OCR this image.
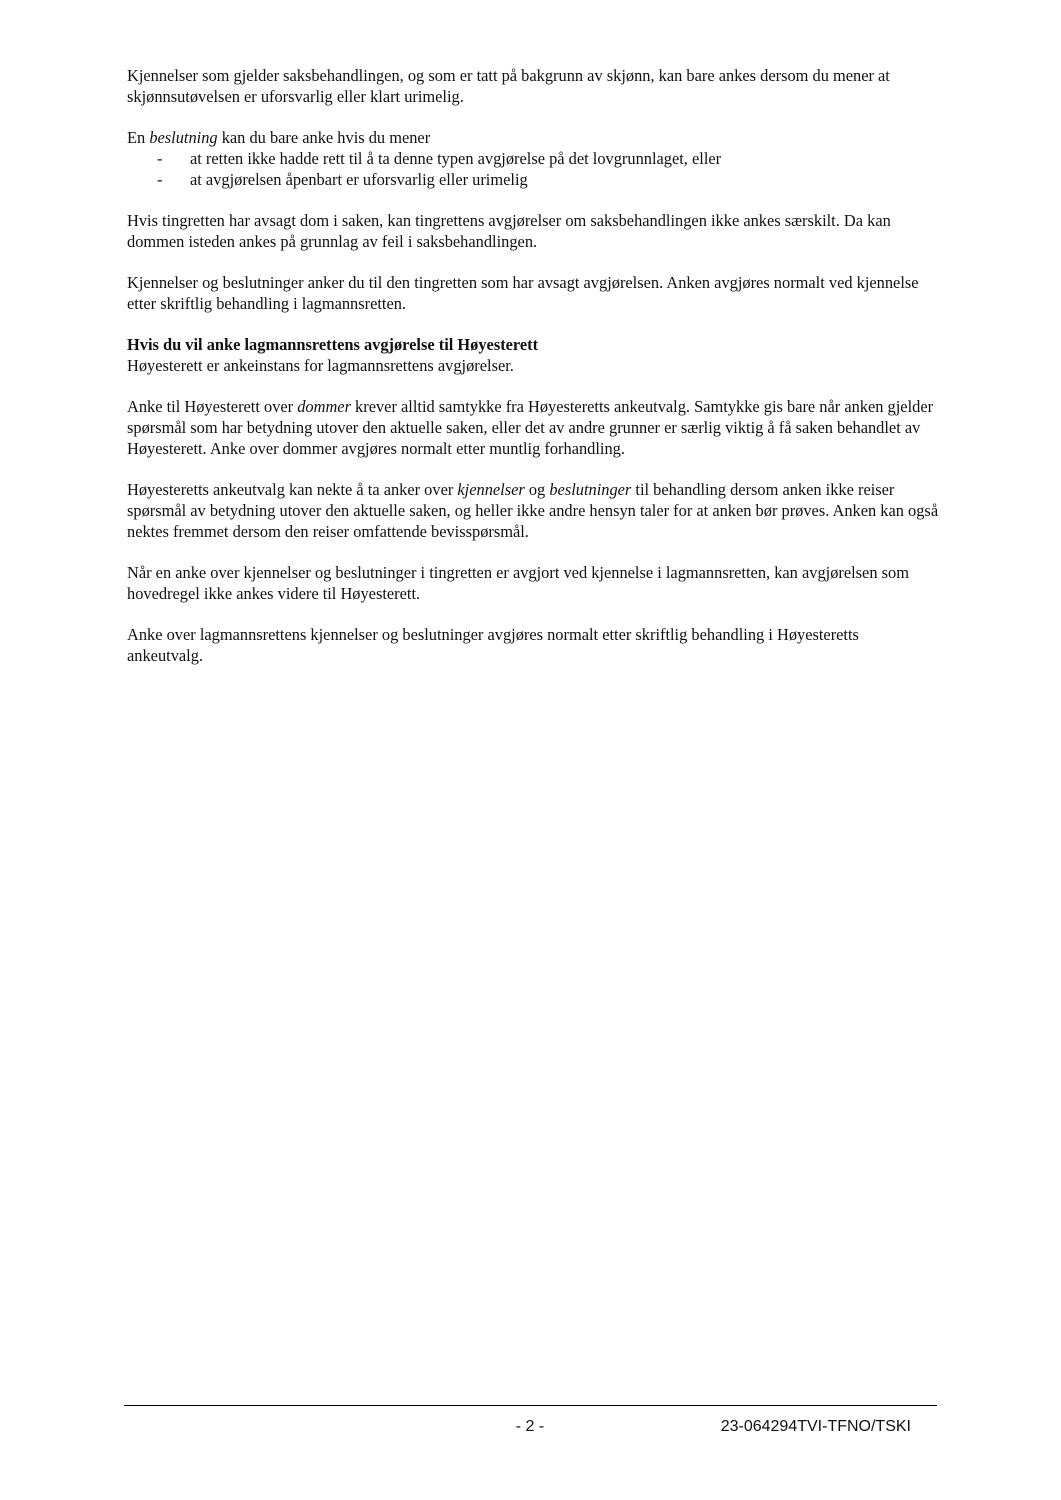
Kjennelser som gjelder saksbehandlingen, og som er tatt på bakgrunn av skjønn, kan bare ankes dersom du mener at skjønnsutøvelsen er uforsvarlig eller klart urimelig.

En beslutning kan du bare anke hvis du mener
- at retten ikke hadde rett til å ta denne typen avgjørelse på det lovgrunnlaget, eller
- at avgjørelsen åpenbart er uforsvarlig eller urimelig

Hvis tingretten har avsagt dom i saken, kan tingrettens avgjørelser om saksbehandlingen ikke ankes særskilt. Da kan dommen isteden ankes på grunnlag av feil i saksbehandlingen.

Kjennelser og beslutninger anker du til den tingretten som har avsagt avgjørelsen. Anken avgjøres normalt ved kjennelse etter skriftlig behandling i lagmannsretten.

Hvis du vil anke lagmannsrettens avgjørelse til Høyesterett
Høyesterett er ankeinstans for lagmannsrettens avgjørelser.

Anke til Høyesterett over dommer krever alltid samtykke fra Høyesteretts ankeutvalg. Samtykke gis bare når anken gjelder spørsmål som har betydning utover den aktuelle saken, eller det av andre grunner er særlig viktig å få saken behandlet av Høyesterett. Anke over dommer avgjøres normalt etter muntlig forhandling.

Høyesteretts ankeutvalg kan nekte å ta anker over kjennelser og beslutninger til behandling dersom anken ikke reiser spørsmål av betydning utover den aktuelle saken, og heller ikke andre hensyn taler for at anken bør prøves. Anken kan også nektes fremmet dersom den reiser omfattende bevisspørsmål.

Når en anke over kjennelser og beslutninger i tingretten er avgjort ved kjennelse i lagmannsretten, kan avgjørelsen som hovedregel ikke ankes videre til Høyesterett.

Anke over lagmannsrettens kjennelser og beslutninger avgjøres normalt etter skriftlig behandling i Høyesteretts ankeutvalg.

- 2 -	23-064294TVI-TFNO/TSKI
